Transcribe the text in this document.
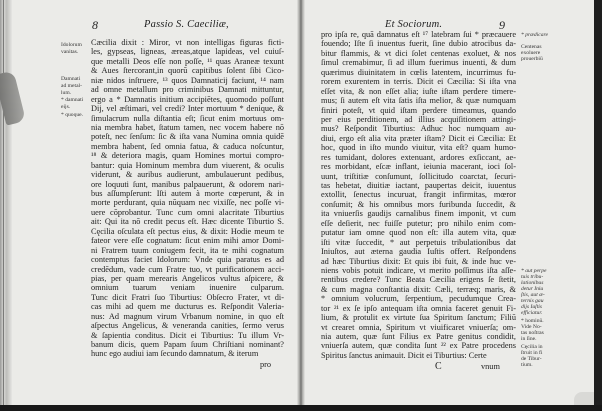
8	Passio S. Caeciliæ,
Idolorum
vanitas.
Damnati
ad metal-
lum.
* damnati
eijs.
* quoque.
Cæcilia dixit : Miror, vt non intelligas figuras ficti-
les, gypseas, ligneas, æreas,atque lapideas, vel cuiuſ-
que metalli Deos eſſe non poſſe, ¹¹ quas Araneæ texunt
& Aues ſtercorant,in quorū capitibus ſolent ſibi Cico-
niæ nidos inſtruere, ¹³ quos Damnaticij faciunt, ¹⁴ nam
ad omne metallum pro criminibus Damnati mittuntur,
ergo a * Damnatis initium accipiētes, quomodo poſſunt
Dij, vel æſtimari, vel credi? Inter mortuum * denique, &
ſimulacrum nulla diſtantia eſt; ſicut enim mortuus om-
nia membra habet, ſtatum tamen, nec vocem habere nō
poteſt, nec ſenſum: ſic & iſta vana Numina omnia quidē
membra habent, ſed omnia fatua, & caduca noſcuntur,
¹⁸ & deteriora magis, quam Homines mortui compro-
bantur: quia Hominum membra dum viuerent, & oculis
viderunt, & auribus audierunt, ambulauerunt pedibus,
ore loquuti ſunt, manibus palpauerunt, & odorem nari-
bus aſſumpſerunt: Iſti autem à morte cœperunt, & in
morte perdurant, quia nūquam nec vixiſſe, nec poſſe vi-
uere cōprobantur. Tunc cum omni alacritate Tiburtius
ait: Qui ita nō credit pecus eſt. Hæc dicente Tiburtio S.
Cęcilia oſculata eſt pectus eius, & dixit: Hodie meum te
fateor vere eſſe cognatum: ſicut enim mihi amor Domi-
ni Fratrem tuum coniugem fecit, ita te mihi cognatum
contemptus faciet Idolorum: Vnde quia paratus es ad
credēdum, vade cum Fratre tuo, vt purificationem acci-
pias, per quam merearis Angelicos vultus aſpicere, &
omnium tuarum veniam inuenire culparum.
Tunc dicit Fratri ſuo Tiburtius: Obſecro Frater, vt di-
cas mihi ad quem me ducturus es. Reſpondit Valeria-
nus: Ad magnum virum Vrbanum nomine, in quo eſt
aſpectus Angelicus, & veneranda canities, ſermo verus
& ſapientia conditus. Dicit ei Tiburtius: Tu illum Vr-
banum dicis, quem Papam ſuum Chriſtiani nominant?
hunc ego audiui iam ſecundo damnatum, & iterum
pro
Et Sociorum.	9
pro ipſa re, quā damnatus eſt ¹⁷ latebram ſui * præcauere
fouendo; Iſte ſi inuentus fuerit, ſine dubio atrocibus da-
bitur flammis, & vt dici ſolet centenas exoluet, & nos
ſimul cremabimur, ſi ad illum fuerimus inuenti, & dum
quærimus diuinitatem in cœlis latentem, incurrimus fu-
rorem exurentem in terris. Dicit ei Cæcilia: Si iſta vna
eſſet vita, & non eſſet alia; iuſte iſtam perdere timere-
mus; ſi autem eſt vita ſatis iſta melior, & quæ numquam
finiri poteſt, vt quid iſtam perdere timeamus, quando
per eius perditionem, ad illius acquiſitionem attingi-
mus? Reſpondit Tiburtius: Adhuc hoc numquam au-
diui, ergo eſt alia vita præter iſtam? Dicit ei Cæcilia: Et
hoc, quod in iſto mundo viuitur, vita eſt? quam humo-
res tumidant, dolores extenuant, ardores exſiccant, ae-
res morbidant, eſcæ inflant, ieiunia macerant, ioci ſol-
uunt, triſtitiæ conſumunt, ſollicitudo coarctat, ſecuri-
tas hebetat, diuitiæ iactant, paupertas deicit, iuuentus
extollit, ſenectus incuruat, frangit infirmitas, mœror
conſumit; & his omnibus mors furibunda ſuccedit, &
ita vniuerſis gaudijs carnalibus finem imponit, vt cum
eſſe deſierit, nec fuiſſe putetur; pro nihilo enim com-
putatur iam omne quod non eſt: illa autem vita, quæ
iſti vitæ ſuccedit, * aut perpetuis tribulationibus dat
Iniuſtos, aut æterna gaudia Iuſtis offert. Reſpondens
ad hæc Tiburtius dixit: Et quis ibi fuit, & inde huc ve-
niens vobis potuit indicare, vt merito poſſimus iſta aſſe-
rentibus credere? Tunc Beata Cæcilia erigens ſe ſtetit,
& cum magna conſtantia dixit: Cæli, terræq; maris, &
* omnium volucrum, ſerpentium, pecudumque Crea-
tor ²¹ ex ſe ipſo antequam iſta omnia faceret genuit Fi-
lium, & protulit ex virtute ſua Spiritum ſanctum; Filiū
vt crearet omnia, Spiritum vt viuificaret vniuerſa; om-
nia autem, quæ ſunt Filius ex Patre genitus condidit,
vniuerſa autem, quæ condita ſunt ²² ex Patre procedens
Spiritus ſanctus animauit. Dicit ei Tiburtius: Certe
* prædicare
Centenas
exoluere
prouerbiū
* aut perpe
tuis tribu-
lationibus
detur Iniu
ſtis, aut æ-
ternis gau
dijs Iuſtis
efficiatur.
* hominū.
Vide No-
tas noſtras
in ſine.
Cęcilia in
ſtruit in fi
de Tibur-
tium.
C	vnum
